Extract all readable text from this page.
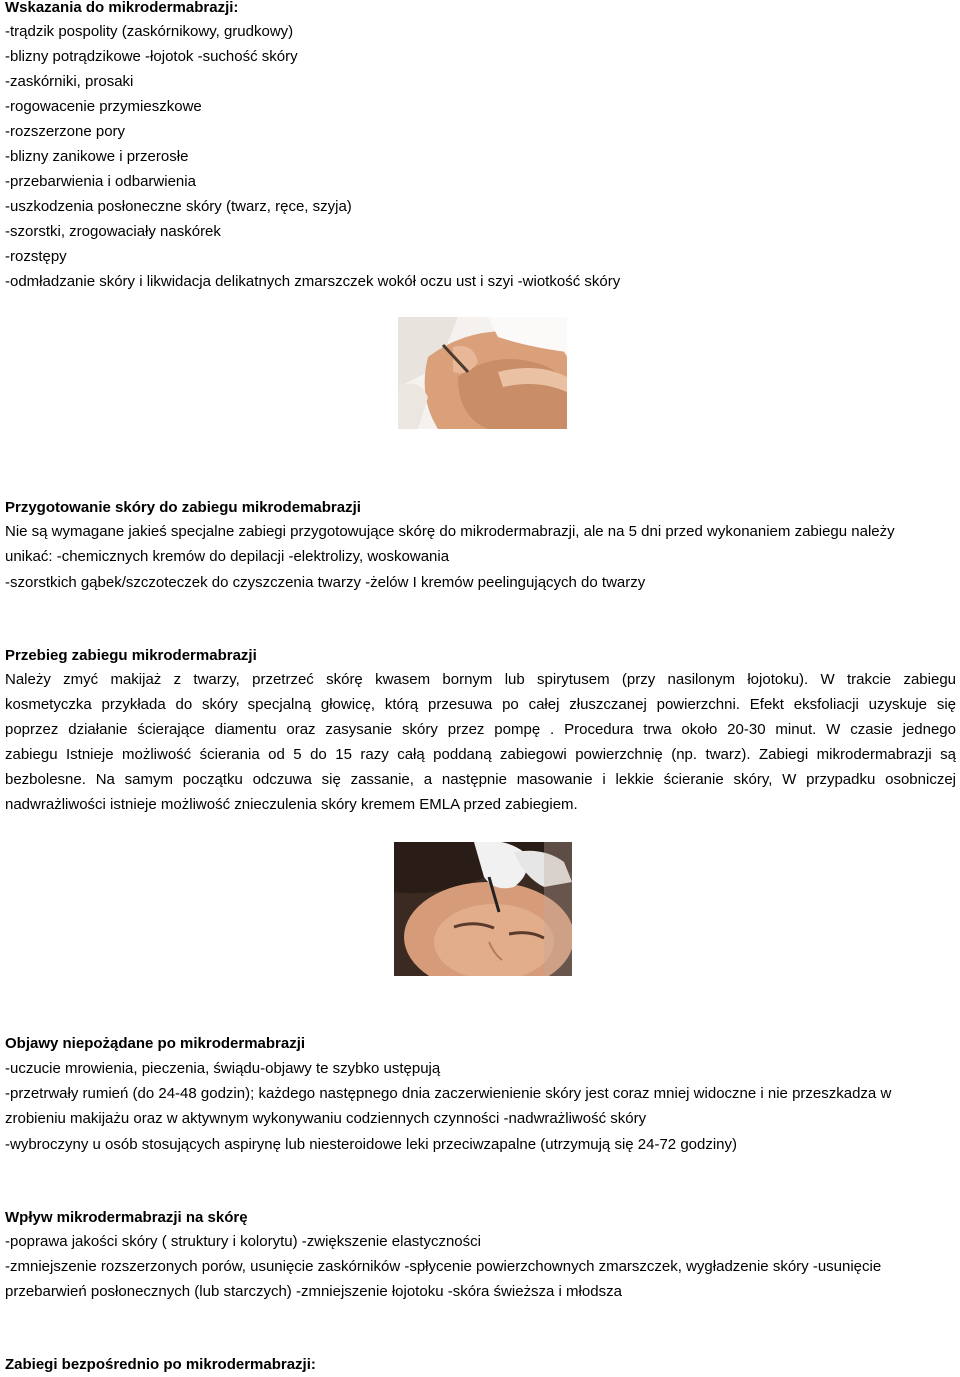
Wskazania do mikrodermabrazji:
-trądzik pospolity (zaskórnikowy, grudkowy)
-blizny potrądzikowe -łojotok -suchość skóry
-zaskórniki, prosaki
-rogowacenie przymieszkowe
-rozszerzone pory
-blizny zanikowe i przerosłe
-przebarwienia i odbarwienia
-uszkodzenia posłoneczne skóry (twarz, ręce, szyja)
-szorstki, zrogowaciały naskórek
-rozstępy
-odmładzanie skóry i likwidacja delikatnych zmarszczek wokół oczu ust i szyi -wiotkość skóry
Przygotowanie skóry do zabiegu mikrodemabrazji
Nie są wymagane jakieś specjalne zabiegi przygotowujące skórę do mikrodermabrazji, ale na 5 dni przed wykonaniem zabiegu należy
unikać: -chemicznych kremów do depilacji -elektrolizy, woskowania
-szorstkich gąbek/szczoteczek do czyszczenia twarzy -żelów I kremów peelingujących do twarzy
Przebieg zabiegu mikrodermabrazji
Należy zmyć makijaż z twarzy, przetrzeć skórę kwasem bornym lub spirytusem (przy nasilonym łojotoku). W trakcie zabiegu
kosmetyczka przykłada do skóry specjalną głowicę, którą przesuwa po całej złuszczanej powierzchni. Efekt eksfoliacji uzyskuje się
poprzez działanie ścierające diamentu oraz zasysanie skóry przez pompę . Procedura trwa około 20-30 minut. W czasie jednego
zabiegu Istnieje możliwość ścierania od 5 do 15 razy całą poddaną zabiegowi powierzchnię (np. twarz). Zabiegi mikrodermabrazji są
bezbolesne. Na samym początku odczuwa się zassanie, a następnie masowanie i lekkie ścieranie skóry, W przypadku osobniczej
nadwrażliwości istnieje możliwość znieczulenia skóry kremem EMLA przed zabiegiem.
Objawy niepożądane po mikrodermabrazji
-uczucie mrowienia, pieczenia, świądu-objawy te szybko ustępują
-przetrwały rumień (do 24-48 godzin); każdego następnego dnia zaczerwienienie skóry jest coraz mniej widoczne i nie przeszkadza w
zrobieniu makijażu oraz w aktywnym wykonywaniu codziennych czynności -nadwrażliwość skóry
-wybroczyny u osób stosujących aspirynę lub niesteroidowe leki przeciwzapalne (utrzymują się 24-72 godziny)
Wpływ mikrodermabrazji na skórę
-poprawa jakości skóry ( struktury i kolorytu) -zwiększenie elastyczności
-zmniejszenie rozszerzonych porów, usunięcie zaskórników -spłycenie powierzchownych zmarszczek, wygładzenie skóry -usunięcie
przebarwień posłonecznych (lub starczych) -zmniejszenie łojotoku -skóra świeższa i młodsza
Zabiegi bezpośrednio po mikrodermabrazji:
